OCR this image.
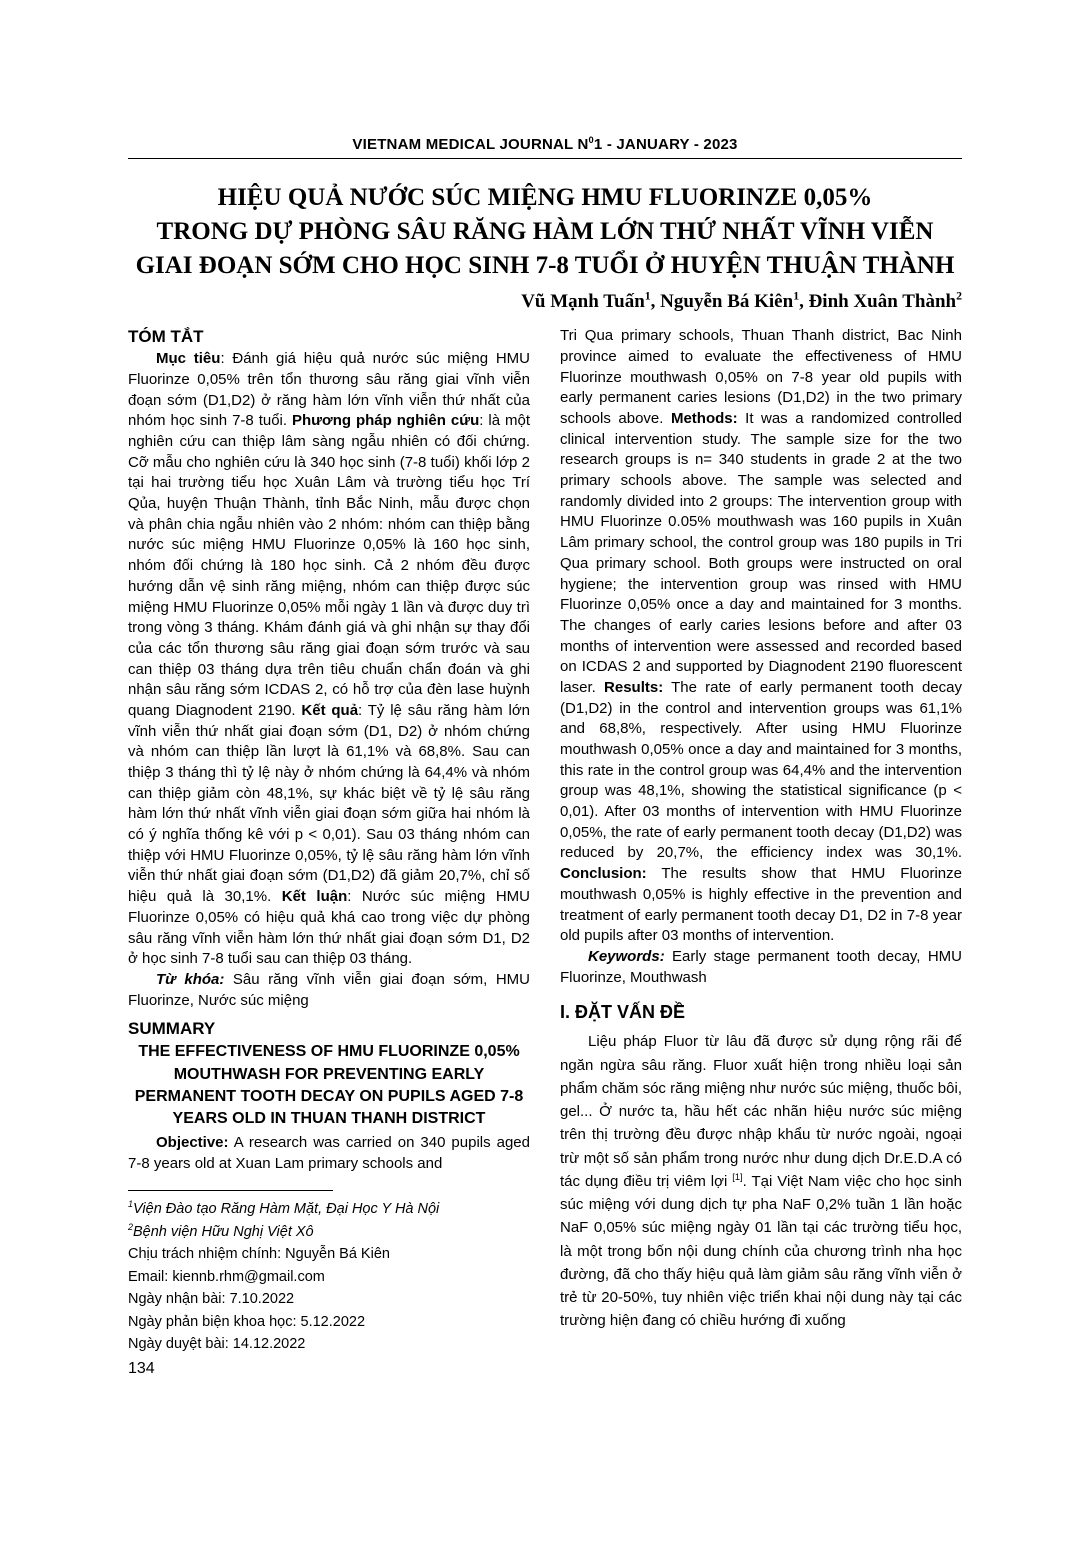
VIETNAM MEDICAL JOURNAL $N^01$ - JANUARY - 2023
HIỆU QUẢ NƯỚC SÚC MIỆNG HMU FLUORINZE 0,05%
TRONG DỰ PHÒNG SÂU RĂNG HÀM LỚN THỨ NHẤT VĨNH VIỄN
GIAI ĐOẠN SỚM CHO HỌC SINH 7-8 TUỔI Ở HUYỆN THUẬN THÀNH
Vũ Mạnh Tuấn$^1$, Nguyễn Bá Kiên$^1$, Đinh Xuân Thành$^2$
TÓM TẮT

Mục tiêu: Đánh giá hiệu quả nước súc miệng HMU Fluorinze 0,05% trên tổn thương sâu răng giai vĩnh viễn đoạn sớm (D1,D2) ở răng hàm lớn vĩnh viễn thứ nhất của nhóm học sinh 7-8 tuổi. Phương pháp nghiên cứu: là một nghiên cứu can thiệp lâm sàng ngẫu nhiên có đối chứng. Cỡ mẫu cho nghiên cứu là 340 học sinh (7-8 tuổi) khối lớp 2 tại hai trường tiểu học Xuân Lâm và trường tiểu học Trí Qủa, huyện Thuận Thành, tỉnh Bắc Ninh, mẫu được chọn và phân chia ngẫu nhiên vào 2 nhóm: nhóm can thiệp bằng nước súc miệng HMU Fluorinze 0,05% là 160 học sinh, nhóm đối chứng là 180 học sinh. Cả 2 nhóm đều được hướng dẫn vệ sinh răng miệng, nhóm can thiệp được súc miệng HMU Fluorinze 0,05% mỗi ngày 1 lần và được duy trì trong vòng 3 tháng. Khám đánh giá và ghi nhận sự thay đổi của các tổn thương sâu răng giai đoạn sớm trước và sau can thiệp 03 tháng dựa trên tiêu chuẩn chẩn đoán và ghi nhận sâu răng sớm ICDAS 2, có hỗ trợ của đèn lase huỳnh quang Diagnodent 2190. Kết quả: Tỷ lệ sâu răng hàm lớn vĩnh viễn thứ nhất giai đoạn sớm (D1, D2) ở nhóm chứng và nhóm can thiệp lần lượt là 61,1% và 68,8%. Sau can thiệp 3 tháng thì tỷ lệ này ở nhóm chứng là 64,4% và nhóm can thiệp giảm còn 48,1%, sự khác biệt về tỷ lệ sâu răng hàm lớn thứ nhất vĩnh viễn giai đoạn sớm giữa hai nhóm là có ý nghĩa thống kê với p < 0,01). Sau 03 tháng nhóm can thiệp với HMU Fluorinze 0,05%, tỷ lệ sâu răng hàm lớn vĩnh viễn thứ nhất giai đoạn sớm (D1,D2) đã giảm 20,7%, chỉ số hiệu quả là 30,1%. Kết luận: Nước súc miệng HMU Fluorinze 0,05% có hiệu quả khá cao trong việc dự phòng sâu răng vĩnh viễn hàm lớn thứ nhất giai đoạn sớm D1, D2 ở học sinh 7-8 tuổi sau can thiệp 03 tháng.

Từ khóa: Sâu răng vĩnh viễn giai đoạn sớm, HMU Fluorinze, Nước súc miệng

SUMMARY
THE EFFECTIVENESS OF HMU FLUORINZE 0,05% MOUTHWASH FOR PREVENTING EARLY PERMANENT TOOTH DECAY ON PUPILS AGED 7-8 YEARS OLD IN THUAN THANH DISTRICT

Objective: A research was carried on 340 pupils aged 7-8 years old at Xuan Lam primary schools and

$^1$Viện Đào tạo Răng Hàm Mặt, Đại Học Y Hà Nội
$^2$Bệnh viện Hữu Nghị Việt Xô
Chịu trách nhiệm chính: Nguyễn Bá Kiên
Email: kiennb.rhm@gmail.com
Ngày nhận bài: 7.10.2022
Ngày phản biện khoa học: 5.12.2022
Ngày duyệt bài: 14.12.2022

Tri Qua primary schools, Thuan Thanh district, Bac Ninh province aimed to evaluate the effectiveness of HMU Fluorinze mouthwash 0,05% on 7-8 year old pupils with early permanent caries lesions (D1,D2) in the two primary schools above. Methods: It was a randomized controlled clinical intervention study. The sample size for the two research groups is n= 340 students in grade 2 at the two primary schools above. The sample was selected and randomly divided into 2 groups: The intervention group with HMU Fluorinze 0.05% mouthwash was 160 pupils in Xuân Lâm primary school, the control group was 180 pupils in Tri Qua primary school. Both groups were instructed on oral hygiene; the intervention group was rinsed with HMU Fluorinze 0,05% once a day and maintained for 3 months. The changes of early caries lesions before and after 03 months of intervention were assessed and recorded based on ICDAS 2 and supported by Diagnodent 2190 fluorescent laser. Results: The rate of early permanent tooth decay (D1,D2) in the control and intervention groups was 61,1% and 68,8%, respectively. After using HMU Fluorinze mouthwash 0,05% once a day and maintained for 3 months, this rate in the control group was 64,4% and the intervention group was 48,1%, showing the statistical significance (p < 0,01). After 03 months of intervention with HMU Fluorinze 0,05%, the rate of early permanent tooth decay (D1,D2) was reduced by 20,7%, the efficiency index was 30,1%. Conclusion: The results show that HMU Fluorinze mouthwash 0,05% is highly effective in the prevention and treatment of early permanent tooth decay D1, D2 in 7-8 year old pupils after 03 months of intervention.

Keywords: Early stage permanent tooth decay, HMU Fluorinze, Mouthwash

I. ĐẶT VẤN ĐỀ

Liệu pháp Fluor từ lâu đã được sử dụng rộng rãi để ngăn ngừa sâu răng. Fluor xuất hiện trong nhiều loại sản phẩm chăm sóc răng miệng như nước súc miệng, thuốc bôi, gel... Ở nước ta, hầu hết các nhãn hiệu nước súc miệng trên thị trường đều được nhập khẩu từ nước ngoài, ngoại trừ một số sản phẩm trong nước như dung dịch Dr.E.D.A có tác dụng điều trị viêm lợi [1]. Tại Việt Nam việc cho học sinh súc miệng với dung dịch tự pha NaF 0,2% tuần 1 lần hoặc NaF 0,05% súc miệng ngày 01 lần tại các trường tiểu học, là một trong bốn nội dung chính của chương trình nha học đường, đã cho thấy hiệu quả làm giảm sâu răng vĩnh viễn ở trẻ từ 20-50%, tuy nhiên việc triển khai nội dung này tại các trường hiện đang có chiều hướng đi xuống

134
